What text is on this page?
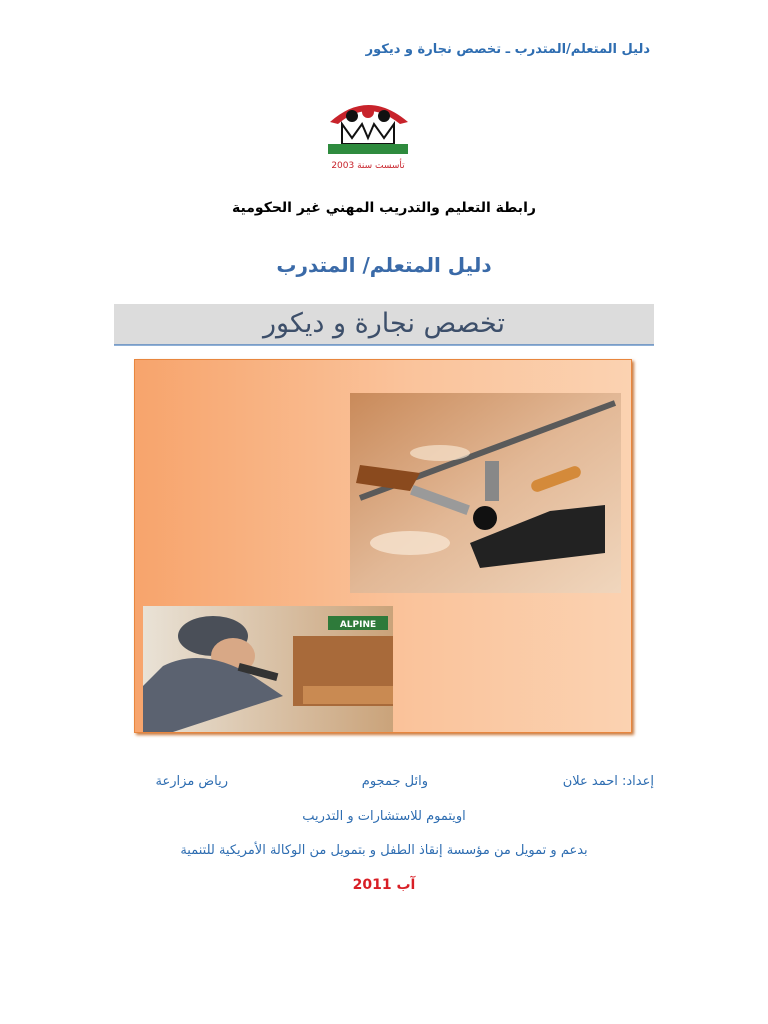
دليل المتعلم/المتدرب ـ تخصص نجارة و ديكور
تأسست سنة 2003
رابطة التعليم والتدريب المهني غير الحكومية
دليل المتعلم/ المتدرب
تخصص نجارة و ديكور
ALPINE
إعداد: احمد علان
وائل جمجوم
رياض مزارعة
اويتموم للاستشارات و التدريب
بدعم و تمويل من مؤسسة إنقاذ الطفل و بتمويل من الوكالة الأمريكية للتنمية
آب 2011
